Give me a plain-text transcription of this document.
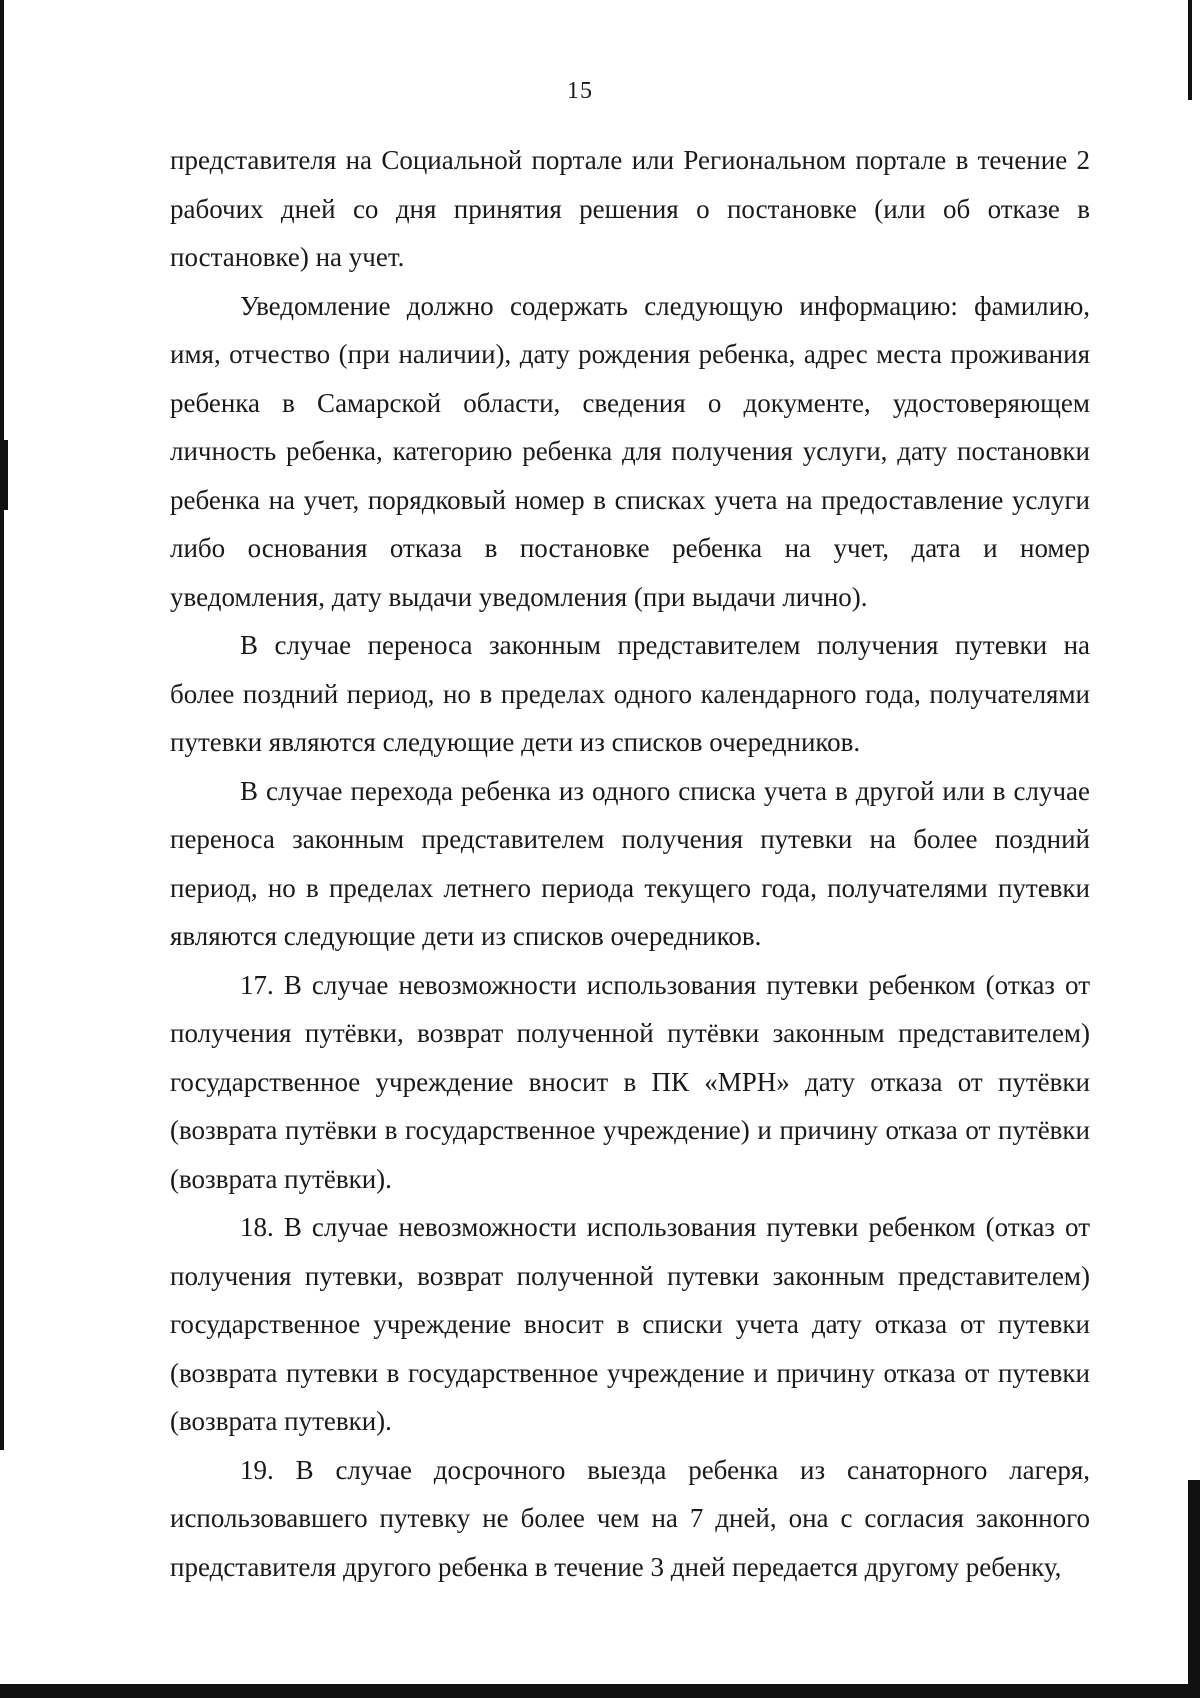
15

представителя на Социальной портале или Региональном портале в течение 2 рабочих дней со дня принятия решения о постановке (или об отказе в постановке) на учет.

Уведомление должно содержать следующую информацию: фамилию, имя, отчество (при наличии), дату рождения ребенка, адрес места проживания ребенка в Самарской области, сведения о документе, удостоверяющем личность ребенка, категорию ребенка для получения услуги, дату постановки ребенка на учет, порядковый номер в списках учета на предоставление услуги либо основания отказа в постановке ребенка на учет, дата и номер уведомления, дату выдачи уведомления (при выдачи лично).

В случае переноса законным представителем получения путевки на более поздний период, но в пределах одного календарного года, получателями путевки являются следующие дети из списков очередников.

В случае перехода ребенка из одного списка учета в другой или в случае переноса законным представителем получения путевки на более поздний период, но в пределах летнего периода текущего года, получателями путевки являются следующие дети из списков очередников.

17. В случае невозможности использования путевки ребенком (отказ от получения путёвки, возврат полученной путёвки законным представителем) государственное учреждение вносит в ПК «МРН» дату отказа от путёвки (возврата путёвки в государственное учреждение) и причину отказа от путёвки (возврата путёвки).

18. В случае невозможности использования путевки ребенком (отказ от получения путевки, возврат полученной путевки законным представителем) государственное учреждение вносит в списки учета дату отказа от путевки (возврата путевки в государственное учреждение и причину отказа от путевки (возврата путевки).

19. В случае досрочного выезда ребенка из санаторного лагеря, использовавшего путевку не более чем на 7 дней, она с согласия законного представителя другого ребенка в течение 3 дней передается другому ребенку,
